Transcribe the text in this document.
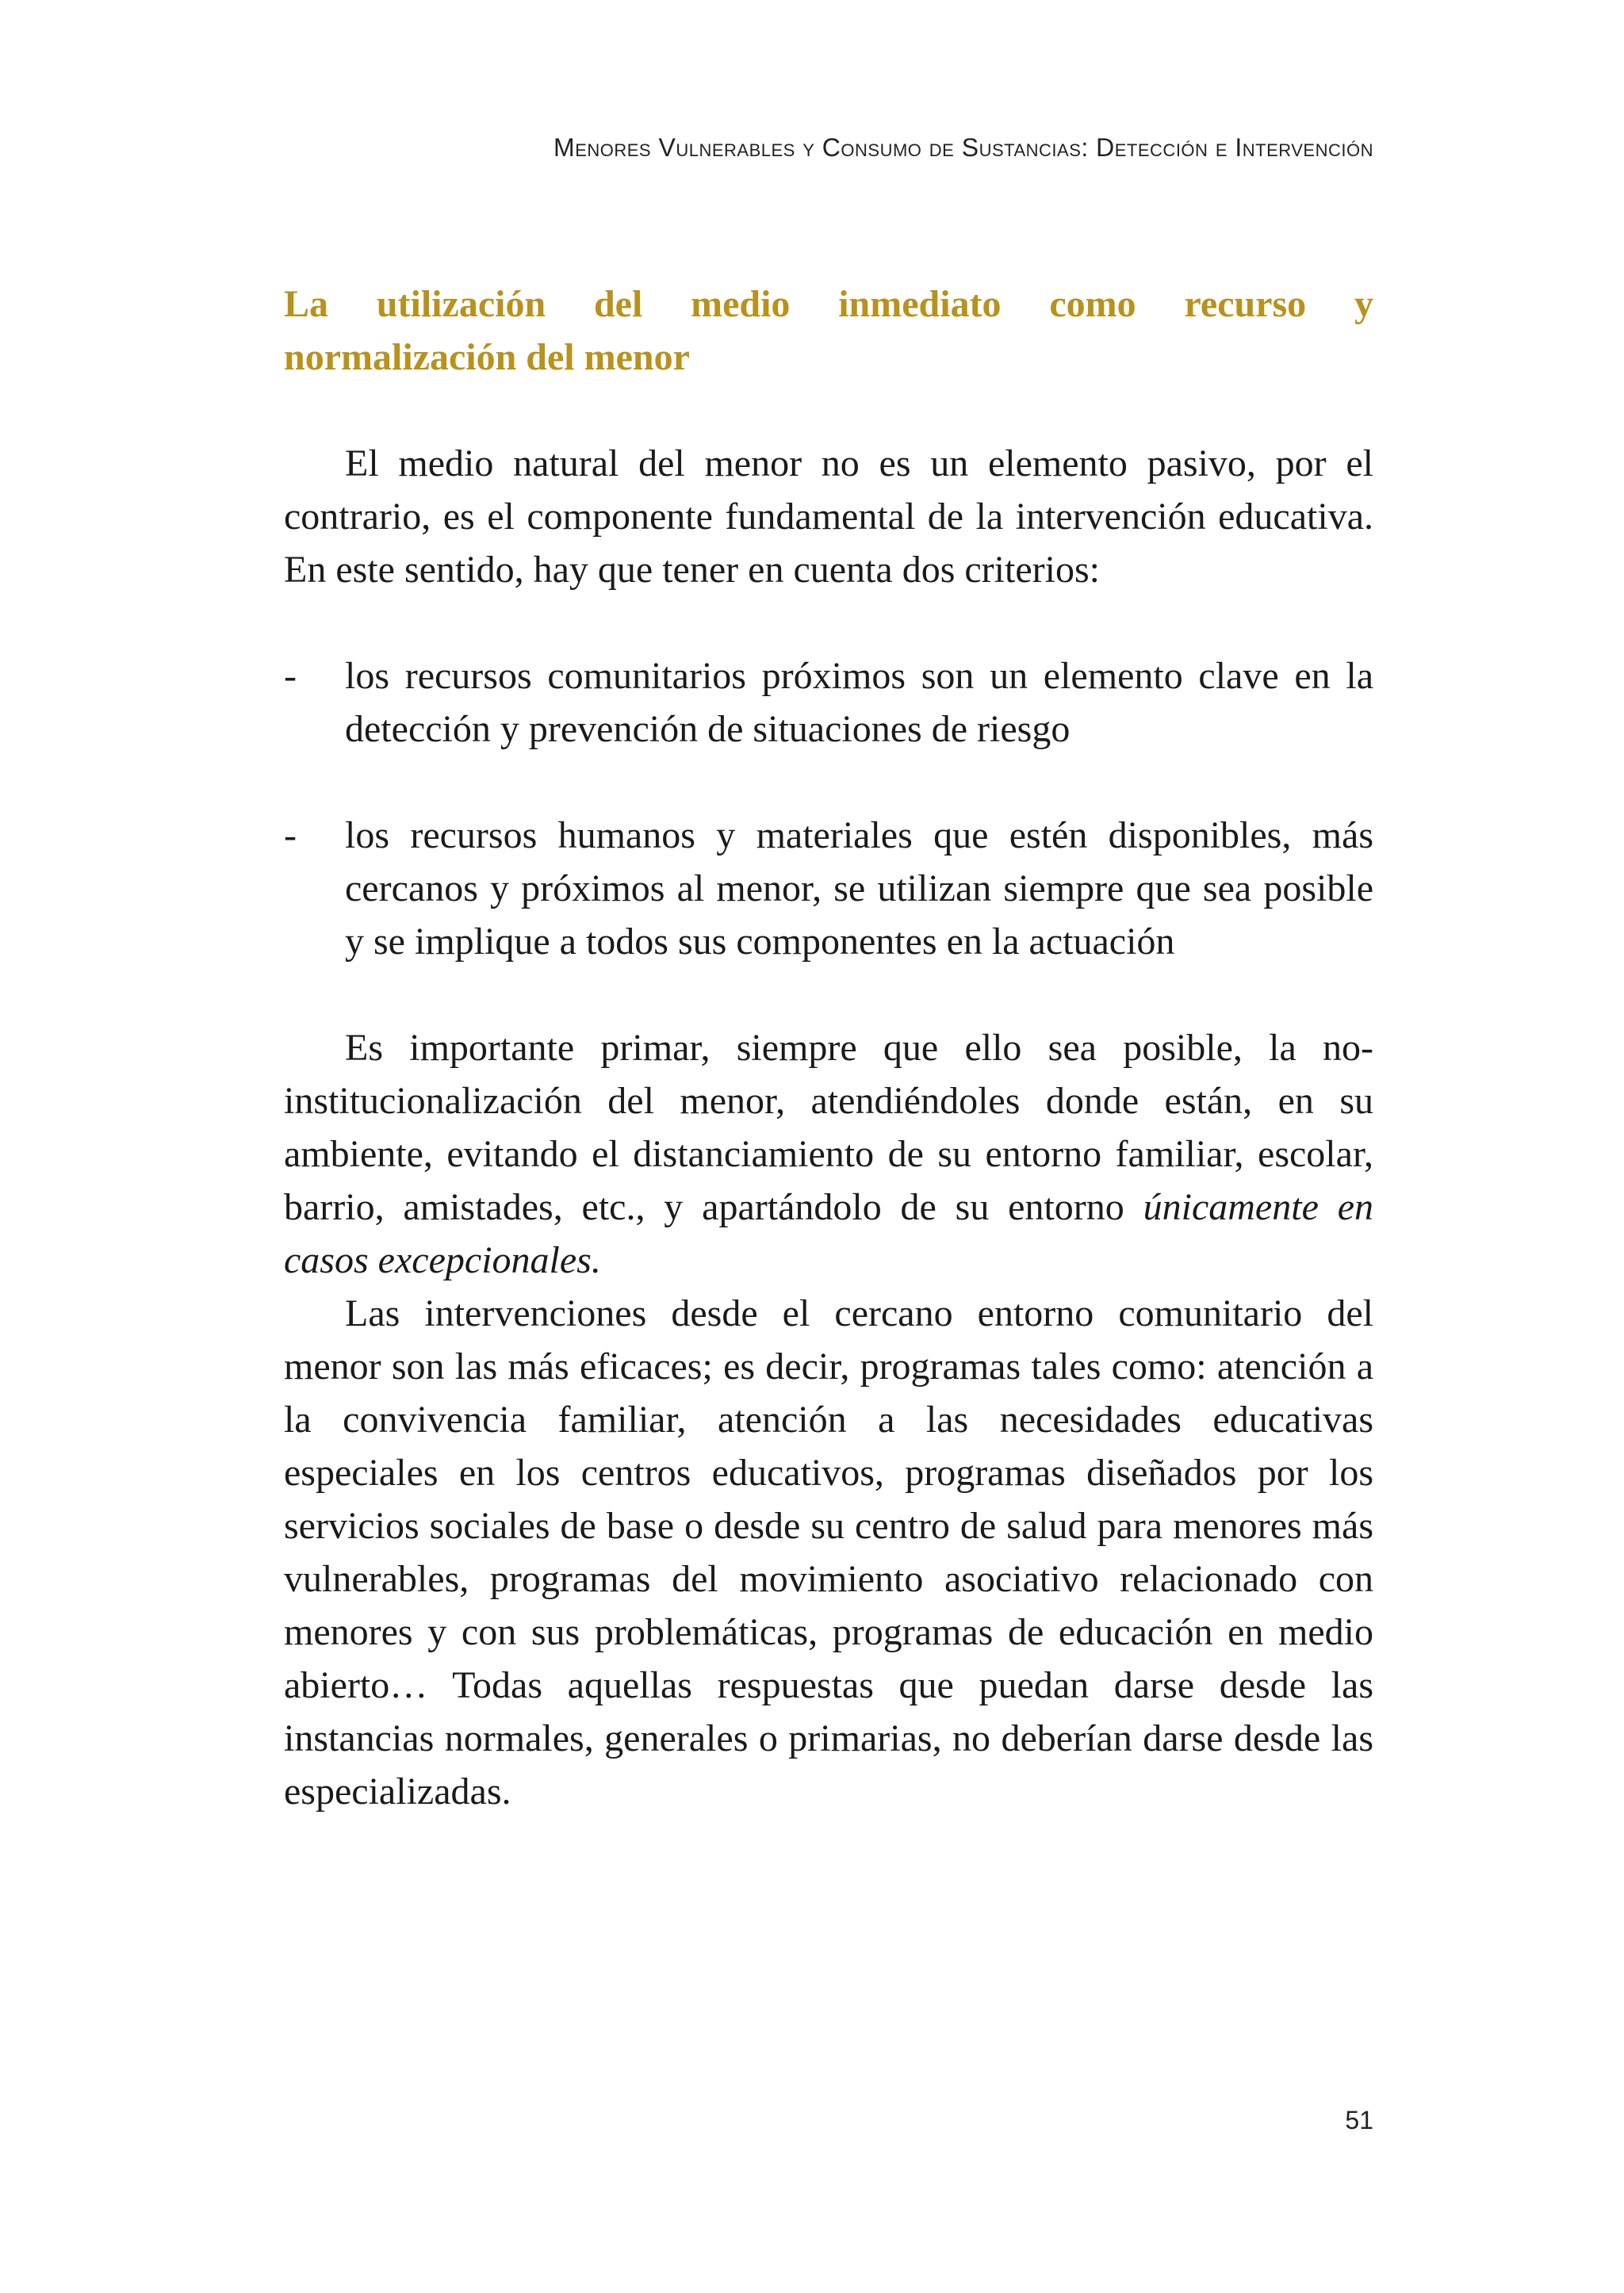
Menores Vulnerables y Consumo de Sustancias: Detección e Intervención
La utilización del medio inmediato como recurso y
normalización del menor

El medio natural del menor no es un elemento pasivo, por el contrario, es el componente fundamental de la intervención educativa. En este sentido, hay que tener en cuenta dos criterios:

- los recursos comunitarios próximos son un elemento clave en la detección y prevención de situaciones de riesgo
- los recursos humanos y materiales que estén disponibles, más cercanos y próximos al menor, se utilizan siempre que sea posible y se implique a todos sus componentes en la actuación

Es importante primar, siempre que ello sea posible, la no-institucionalización del menor, atendiéndoles donde están, en su ambiente, evitando el distanciamiento de su entorno familiar, escolar, barrio, amistades, etc., y apartándolo de su entorno únicamente en casos excepcionales.

Las intervenciones desde el cercano entorno comunitario del menor son las más eficaces; es decir, programas tales como: atención a la convivencia familiar, atención a las necesidades educativas especiales en los centros educativos, programas diseñados por los servicios sociales de base o desde su centro de salud para menores más vulnerables, programas del movimiento asociativo relacionado con menores y con sus problemáticas, programas de educación en medio abierto… Todas aquellas respuestas que puedan darse desde las instancias normales, generales o primarias, no deberían darse desde las especializadas.

51
